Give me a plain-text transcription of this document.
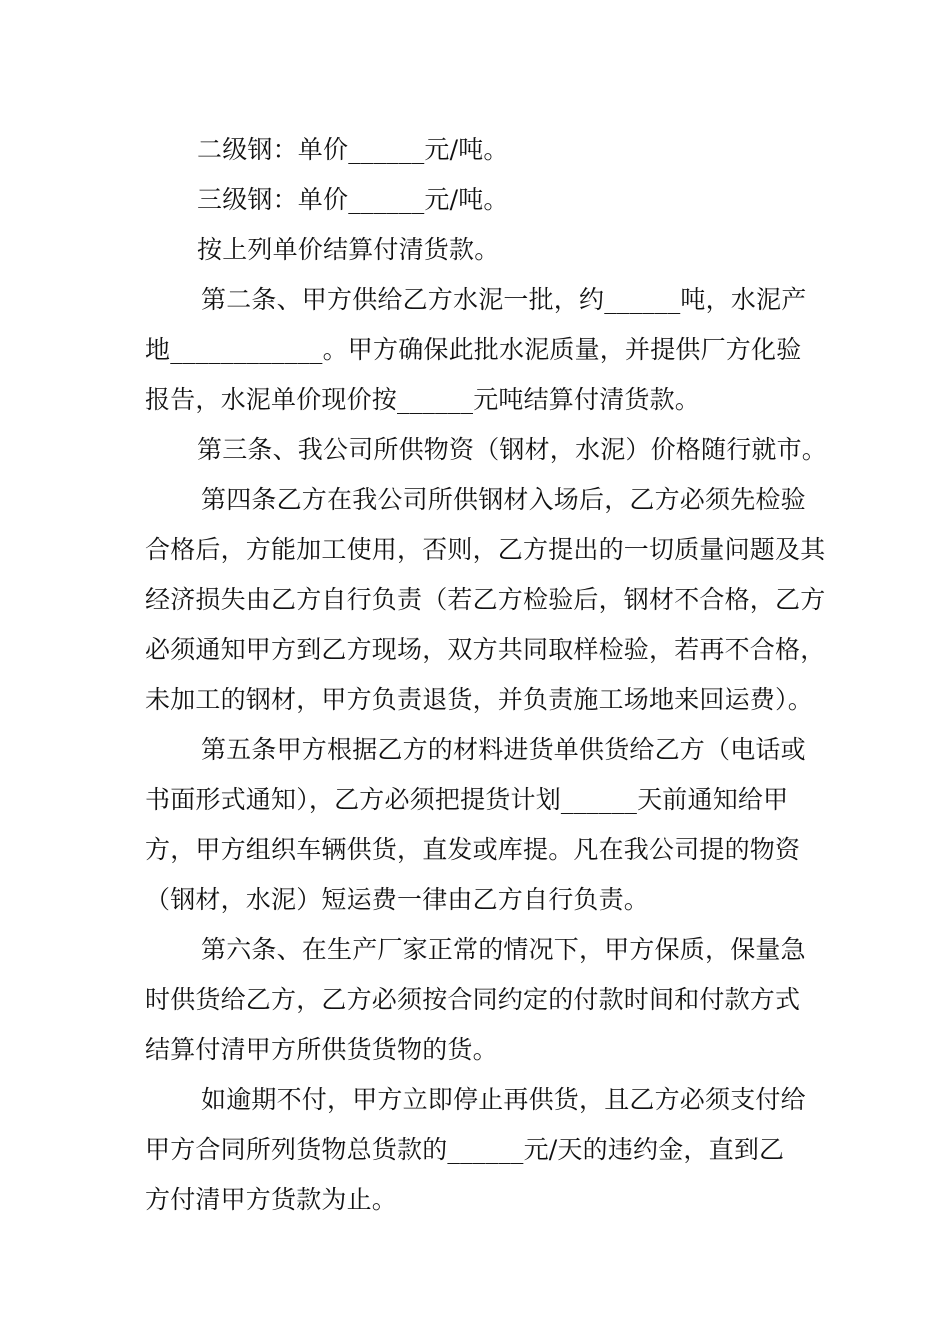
二级钢：单价______元/吨。
三级钢：单价______元/吨。
按上列单价结算付清货款。
第二条、甲方供给乙方水泥一批，约______吨，水泥产
地____________。甲方确保此批水泥质量，并提供厂方化验
报告，水泥单价现价按______元吨结算付清货款。
第三条、我公司所供物资（钢材，水泥）价格随行就市。
第四条乙方在我公司所供钢材入场后，乙方必须先检验
合格后，方能加工使用，否则，乙方提出的一切质量问题及其
经济损失由乙方自行负责（若乙方检验后，钢材不合格，乙方
必须通知甲方到乙方现场，双方共同取样检验，若再不合格，
未加工的钢材，甲方负责退货，并负责施工场地来回运费）。
第五条甲方根据乙方的材料进货单供货给乙方（电话或
书面形式通知），乙方必须把提货计划______天前通知给甲
方，甲方组织车辆供货，直发或库提。凡在我公司提的物资
（钢材，水泥）短运费一律由乙方自行负责。
第六条、在生产厂家正常的情况下，甲方保质，保量急
时供货给乙方，乙方必须按合同约定的付款时间和付款方式
结算付清甲方所供货货物的货。
如逾期不付，甲方立即停止再供货，且乙方必须支付给
甲方合同所列货物总货款的______元/天的违约金，直到乙
方付清甲方货款为止。
